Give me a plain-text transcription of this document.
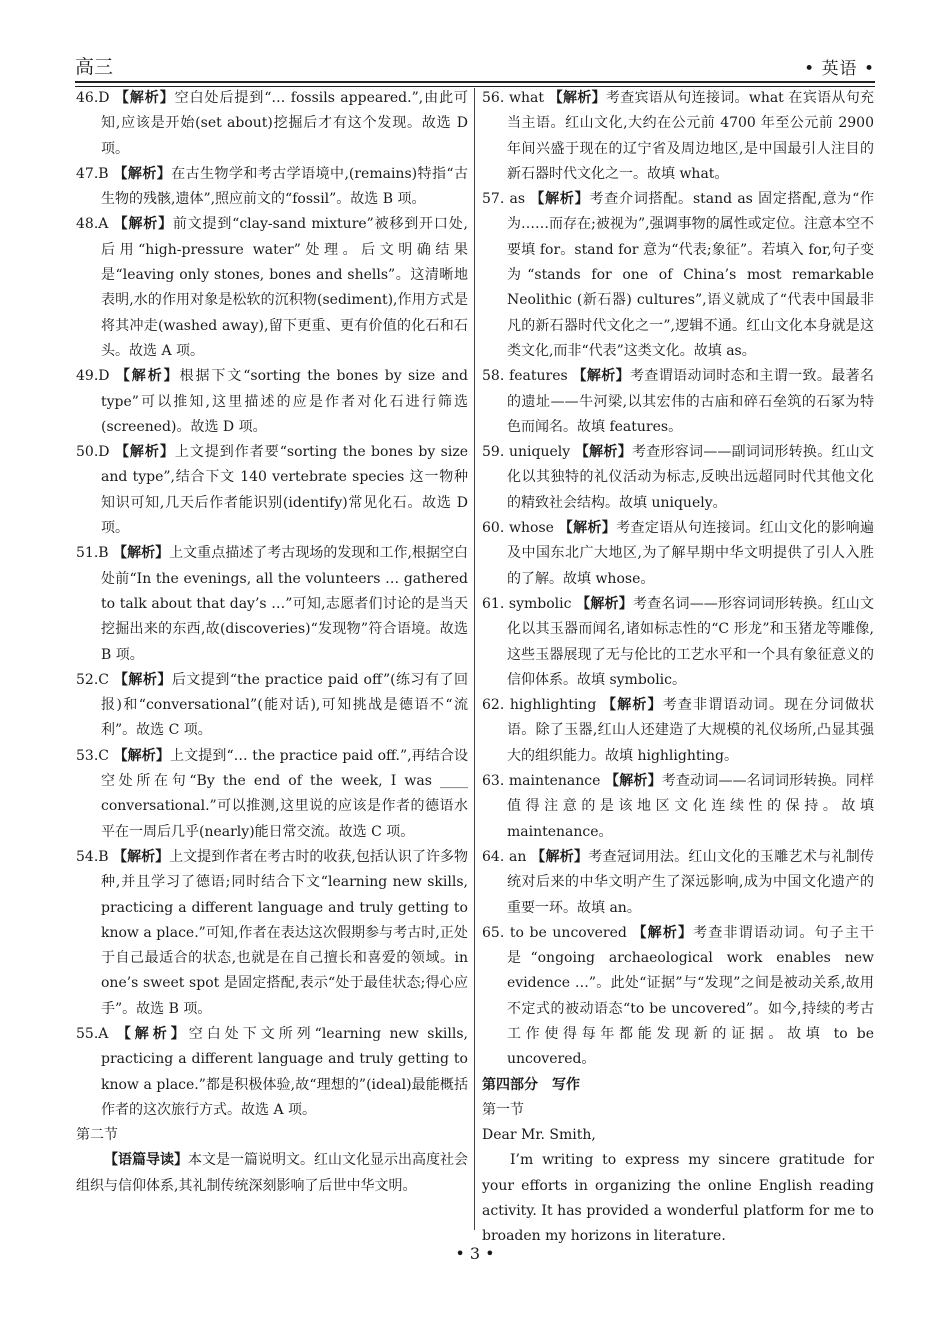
高三	• 英语 •

46.D 【解析】空白处后提到“… fossils appeared.”,由此可知,应该是开始(set about)挖掘后才有这个发现。故选 D 项。

47.B 【解析】在古生物学和考古学语境中,(remains)特指“古生物的残骸,遗体”,照应前文的“fossil”。故选 B 项。

48.A 【解析】前文提到“clay-sand mixture”被移到开口处,后用“high-pressure water”处理。后文明确结果是“leaving only stones, bones and shells”。这清晰地表明,水的作用对象是松软的沉积物(sediment),作用方式是将其冲走(washed away),留下更重、更有价值的化石和石头。故选 A 项。

49.D 【解析】根据下文“sorting the bones by size and type”可以推知,这里描述的应是作者对化石进行筛选(screened)。故选 D 项。

50.D 【解析】上文提到作者要“sorting the bones by size and type”,结合下文 140 vertebrate species 这一物种知识可知,几天后作者能识别(identify)常见化石。故选 D 项。

51.B 【解析】上文重点描述了考古现场的发现和工作,根据空白处前“In the evenings, all the volunteers … gathered to talk about that day’s …”可知,志愿者们讨论的是当天挖掘出来的东西,故(discoveries)“发现物”符合语境。故选 B 项。

52.C 【解析】后文提到“the practice paid off”(练习有了回报)和“conversational”(能对话),可知挑战是德语不“流利”。故选 C 项。

53.C 【解析】上文提到“… the practice paid off.”,再结合设空处所在句“By the end of the week, I was ____ conversational.”可以推测,这里说的应该是作者的德语水平在一周后几乎(nearly)能日常交流。故选 C 项。

54.B 【解析】上文提到作者在考古时的收获,包括认识了许多物种,并且学习了德语;同时结合下文“learning new skills, practicing a different language and truly getting to know a place.”可知,作者在表达这次假期参与考古时,正处于自己最适合的状态,也就是在自己擅长和喜爱的领域。in one’s sweet spot 是固定搭配,表示“处于最佳状态;得心应手”。故选 B 项。

55.A 【解析】空白处下文所列“learning new skills, practicing a different language and truly getting to know a place.”都是积极体验,故“理想的”(ideal)最能概括作者的这次旅行方式。故选 A 项。

第二节

【语篇导读】本文是一篇说明文。红山文化显示出高度社会组织与信仰体系,其礼制传统深刻影响了后世中华文明。

56. what 【解析】考查宾语从句连接词。what 在宾语从句充当主语。红山文化,大约在公元前 4700 年至公元前 2900 年间兴盛于现在的辽宁省及周边地区,是中国最引人注目的新石器时代文化之一。故填 what。

57. as 【解析】考查介词搭配。stand as 固定搭配,意为“作为……而存在;被视为”,强调事物的属性或定位。注意本空不要填 for。stand for 意为“代表;象征”。若填入 for,句子变为“stands for one of China’s most remarkable Neolithic (新石器) cultures”,语义就成了“代表中国最非凡的新石器时代文化之一”,逻辑不通。红山文化本身就是这类文化,而非“代表”这类文化。故填 as。

58. features 【解析】考查谓语动词时态和主谓一致。最著名的遗址——牛河梁,以其宏伟的古庙和碎石垒筑的石冢为特色而闻名。故填 features。

59. uniquely 【解析】考查形容词——副词词形转换。红山文化以其独特的礼仪活动为标志,反映出远超同时代其他文化的精致社会结构。故填 uniquely。

60. whose 【解析】考查定语从句连接词。红山文化的影响遍及中国东北广大地区,为了解早期中华文明提供了引人入胜的了解。故填 whose。

61. symbolic 【解析】考查名词——形容词词形转换。红山文化以其玉器而闻名,诸如标志性的“C 形龙”和玉猪龙等雕像,这些玉器展现了无与伦比的工艺水平和一个具有象征意义的信仰体系。故填 symbolic。

62. highlighting 【解析】考查非谓语动词。现在分词做状语。除了玉器,红山人还建造了大规模的礼仪场所,凸显其强大的组织能力。故填 highlighting。

63. maintenance 【解析】考查动词——名词词形转换。同样值得注意的是该地区文化连续性的保持。故填 maintenance。

64. an 【解析】考查冠词用法。红山文化的玉雕艺术与礼制传统对后来的中华文明产生了深远影响,成为中国文化遗产的重要一环。故填 an。

65. to be uncovered 【解析】考查非谓语动词。句子主干是“ongoing archaeological work enables new evidence …”。此处“证据”与“发现”之间是被动关系,故用不定式的被动语态“to be uncovered”。如今,持续的考古工作使得每年都能发现新的证据。故填 to be uncovered。

第四部分　写作

第一节

Dear Mr. Smith,

I’m writing to express my sincere gratitude for your efforts in organizing the online English reading activity. It has provided a wonderful platform for me to broaden my horizons in literature.

• 3 •
